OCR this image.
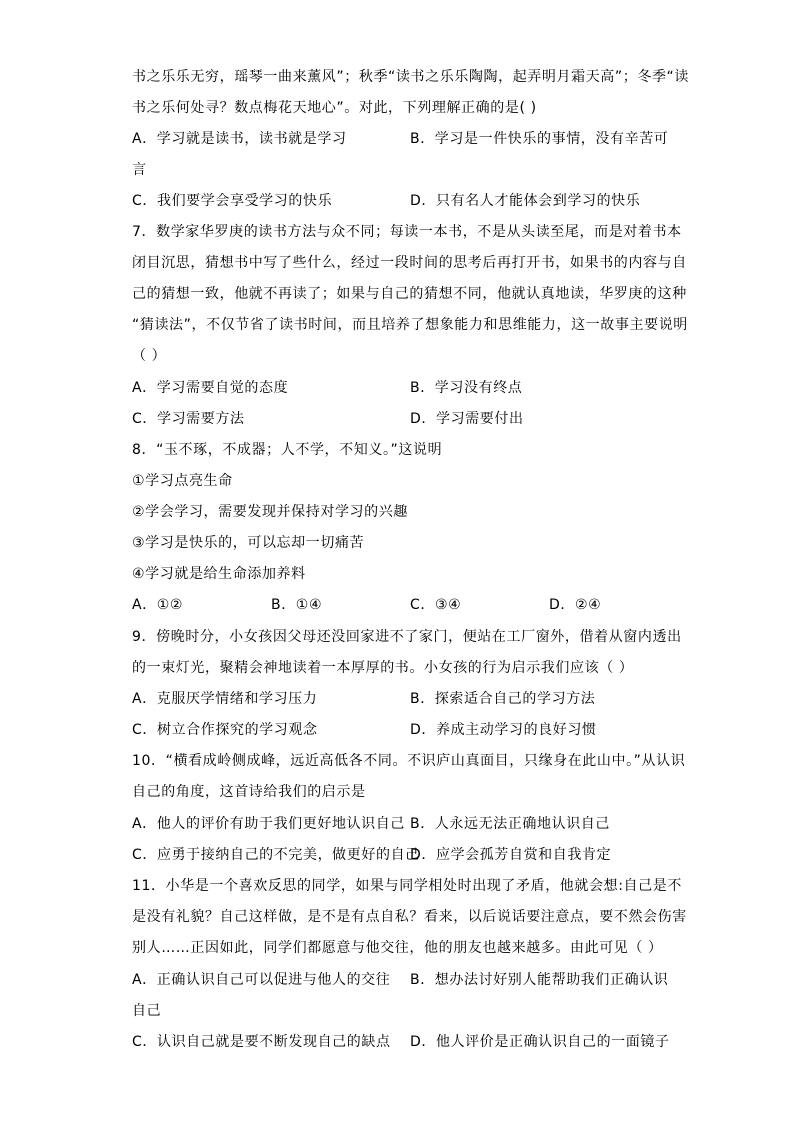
书之乐乐无穷，瑶琴一曲来薰风”；秋季“读书之乐乐陶陶，起弄明月霜天高”；冬季“读
书之乐何处寻？数点梅花天地心”。对此，下列理解正确的是( )
A．学习就是读书，读书就是学习	B．学习是一件快乐的事情，没有辛苦可
言
C．我们要学会享受学习的快乐	D．只有名人才能体会到学习的快乐
7．数学家华罗庚的读书方法与众不同；每读一本书，不是从头读至尾，而是对着书本
闭目沉思，猜想书中写了些什么，经过一段时间的思考后再打开书，如果书的内容与自
己的猜想一致，他就不再读了；如果与自己的猜想不同，他就认真地读，华罗庚的这种
“猜读法”，不仅节省了读书时间，而且培养了想象能力和思维能力，这一故事主要说明
（ ）
A．学习需要自觉的态度	B．学习没有终点
C．学习需要方法	D．学习需要付出
8．“玉不琢，不成器；人不学，不知义。”这说明
①学习点亮生命
②学会学习，需要发现并保持对学习的兴趣
③学习是快乐的，可以忘却一切痛苦
④学习就是给生命添加养料
A．①②	B．①④	C．③④	D．②④
9．傍晚时分，小女孩因父母还没回家进不了家门，便站在工厂窗外，借着从窗内透出
的一束灯光，聚精会神地读着一本厚厚的书。小女孩的行为启示我们应该（ ）
A．克服厌学情绪和学习压力	B．探索适合自己的学习方法
C．树立合作探究的学习观念	D．养成主动学习的良好习惯
10．“横看成岭侧成峰，远近高低各不同。不识庐山真面目，只缘身在此山中。”从认识
自己的角度，这首诗给我们的启示是
A．他人的评价有助于我们更好地认识自己 B．人永远无法正确地认识自己
C．应勇于接纳自己的不完美，做更好的自己
D．应学会孤芳自赏和自我肯定
11．小华是一个喜欢反思的同学，如果与同学相处时出现了矛盾，他就会想:自己是不
是没有礼貌？自己这样做，是不是有点自私？看来，以后说话要注意点，要不然会伤害
别人……正因如此，同学们都愿意与他交往，他的朋友也越来越多。由此可见（ ）
A．正确认识自己可以促进与他人的交往 B．想办法讨好别人能帮助我们正确认识
自己
C．认识自己就是要不断发现自己的缺点 D．他人评价是正确认识自己的一面镜子
